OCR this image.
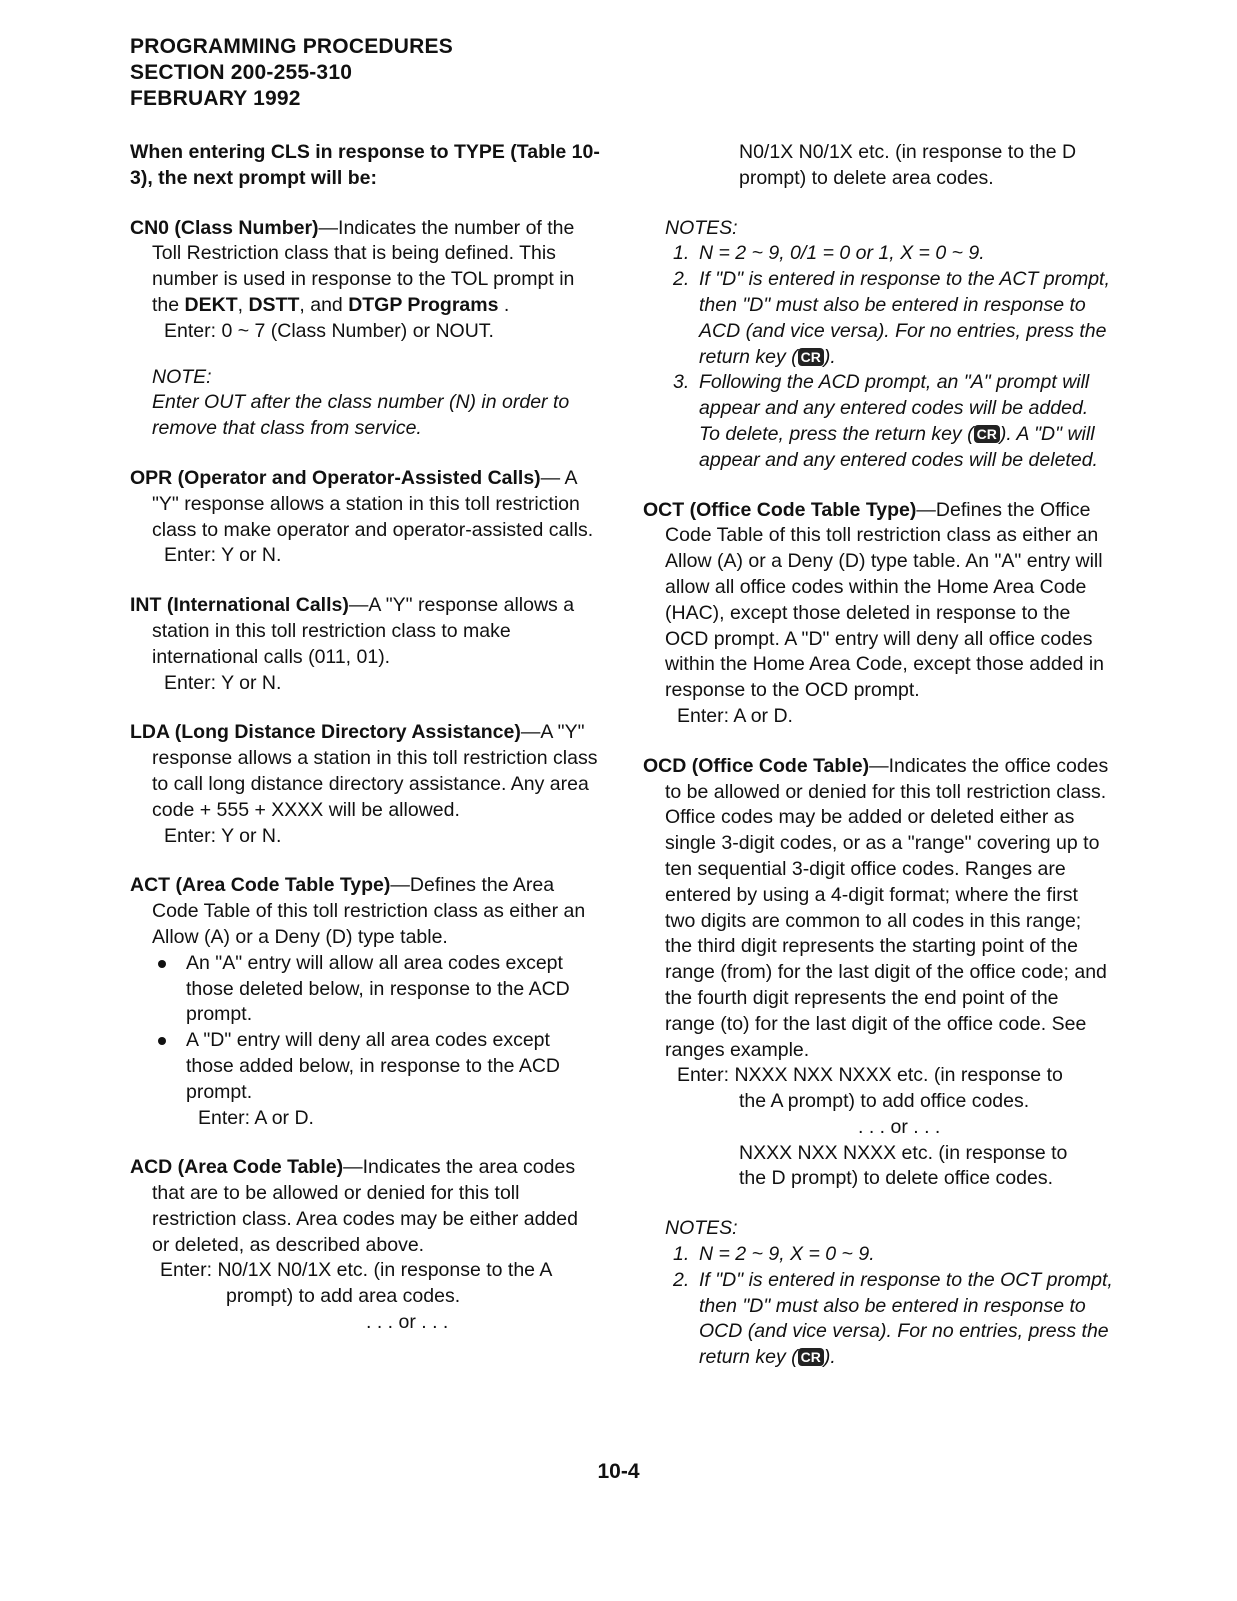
PROGRAMMING PROCEDURES
SECTION 200-255-310
FEBRUARY 1992

When entering CLS in response to TYPE (Table 10-3), the next prompt will be:

CN0 (Class Number)—Indicates the number of the Toll Restriction class that is being defined. This number is used in response to the TOL prompt in the DEKT, DSTT, and DTGP Programs .

Enter: 0 ~ 7 (Class Number) or NOUT.

NOTE:

Enter OUT after the class number (N) in order to remove that class from service.

OPR (Operator and Operator-Assisted Calls)— A "Y" response allows a station in this toll restriction class to make operator and operator-assisted calls.

Enter: Y or N.

INT (International Calls)—A "Y" response allows a station in this toll restriction class to make international calls (011, 01).

Enter: Y or N.

LDA (Long Distance Directory Assistance)—A "Y" response allows a station in this toll restriction class to call long distance directory assistance. Any area code + 555 + XXXX will be allowed.

Enter: Y or N.

ACT (Area Code Table Type)—Defines the Area Code Table of this toll restriction class as either an Allow (A) or a Deny (D) type table.

An "A" entry will allow all area codes except those deleted below, in response to the ACD prompt.
A "D" entry will deny all area codes except those added below, in response to the ACD prompt.

Enter: A or D.

ACD (Area Code Table)—Indicates the area codes that are to be allowed or denied for this toll restriction class. Area codes may be either added or deleted, as described above.

Enter: N0/1X N0/1X etc. (in response to the A

prompt) to add area codes.

. . . or . . .

N0/1X N0/1X etc. (in response to the D

prompt) to delete area codes.

NOTES:

1. N = 2 ~ 9, 0/1 = 0 or 1, X = 0 ~ 9.
2. If "D" is entered in response to the ACT prompt, then "D" must also be entered in response to ACD (and vice versa). For no entries, press the return key ( CR ).
3. Following the ACD prompt, an "A" prompt will appear and any entered codes will be added. To delete, press the return key ( CR ). A "D" will appear and any entered codes will be deleted.

OCT (Office Code Table Type)—Defines the Office Code Table of this toll restriction class as either an Allow (A) or a Deny (D) type table. An "A" entry will allow all office codes within the Home Area Code (HAC), except those deleted in response to the OCD prompt. A "D" entry will deny all office codes within the Home Area Code, except those added in response to the OCD prompt.

Enter: A or D.

OCD (Office Code Table)—Indicates the office codes to be allowed or denied for this toll restriction class. Office codes may be added or deleted either as single 3-digit codes, or as a "range" covering up to ten sequential 3-digit office codes. Ranges are entered by using a 4-digit format; where the first two digits are common to all codes in this range; the third digit represents the starting point of the range (from) for the last digit of the office code; and the fourth digit represents the end point of the range (to) for the last digit of the office code. See ranges example.

Enter: NXXX NXX NXXX etc. (in response to

the A prompt) to add office codes.

. . . or . . .

NXXX NXX NXXX etc. (in response to

the D prompt) to delete office codes.

NOTES:

1. N = 2 ~ 9, X = 0 ~ 9.
2. If "D" is entered in response to the OCT prompt, then "D" must also be entered in response to OCD (and vice versa). For no entries, press the return key ( CR ).
10-4
